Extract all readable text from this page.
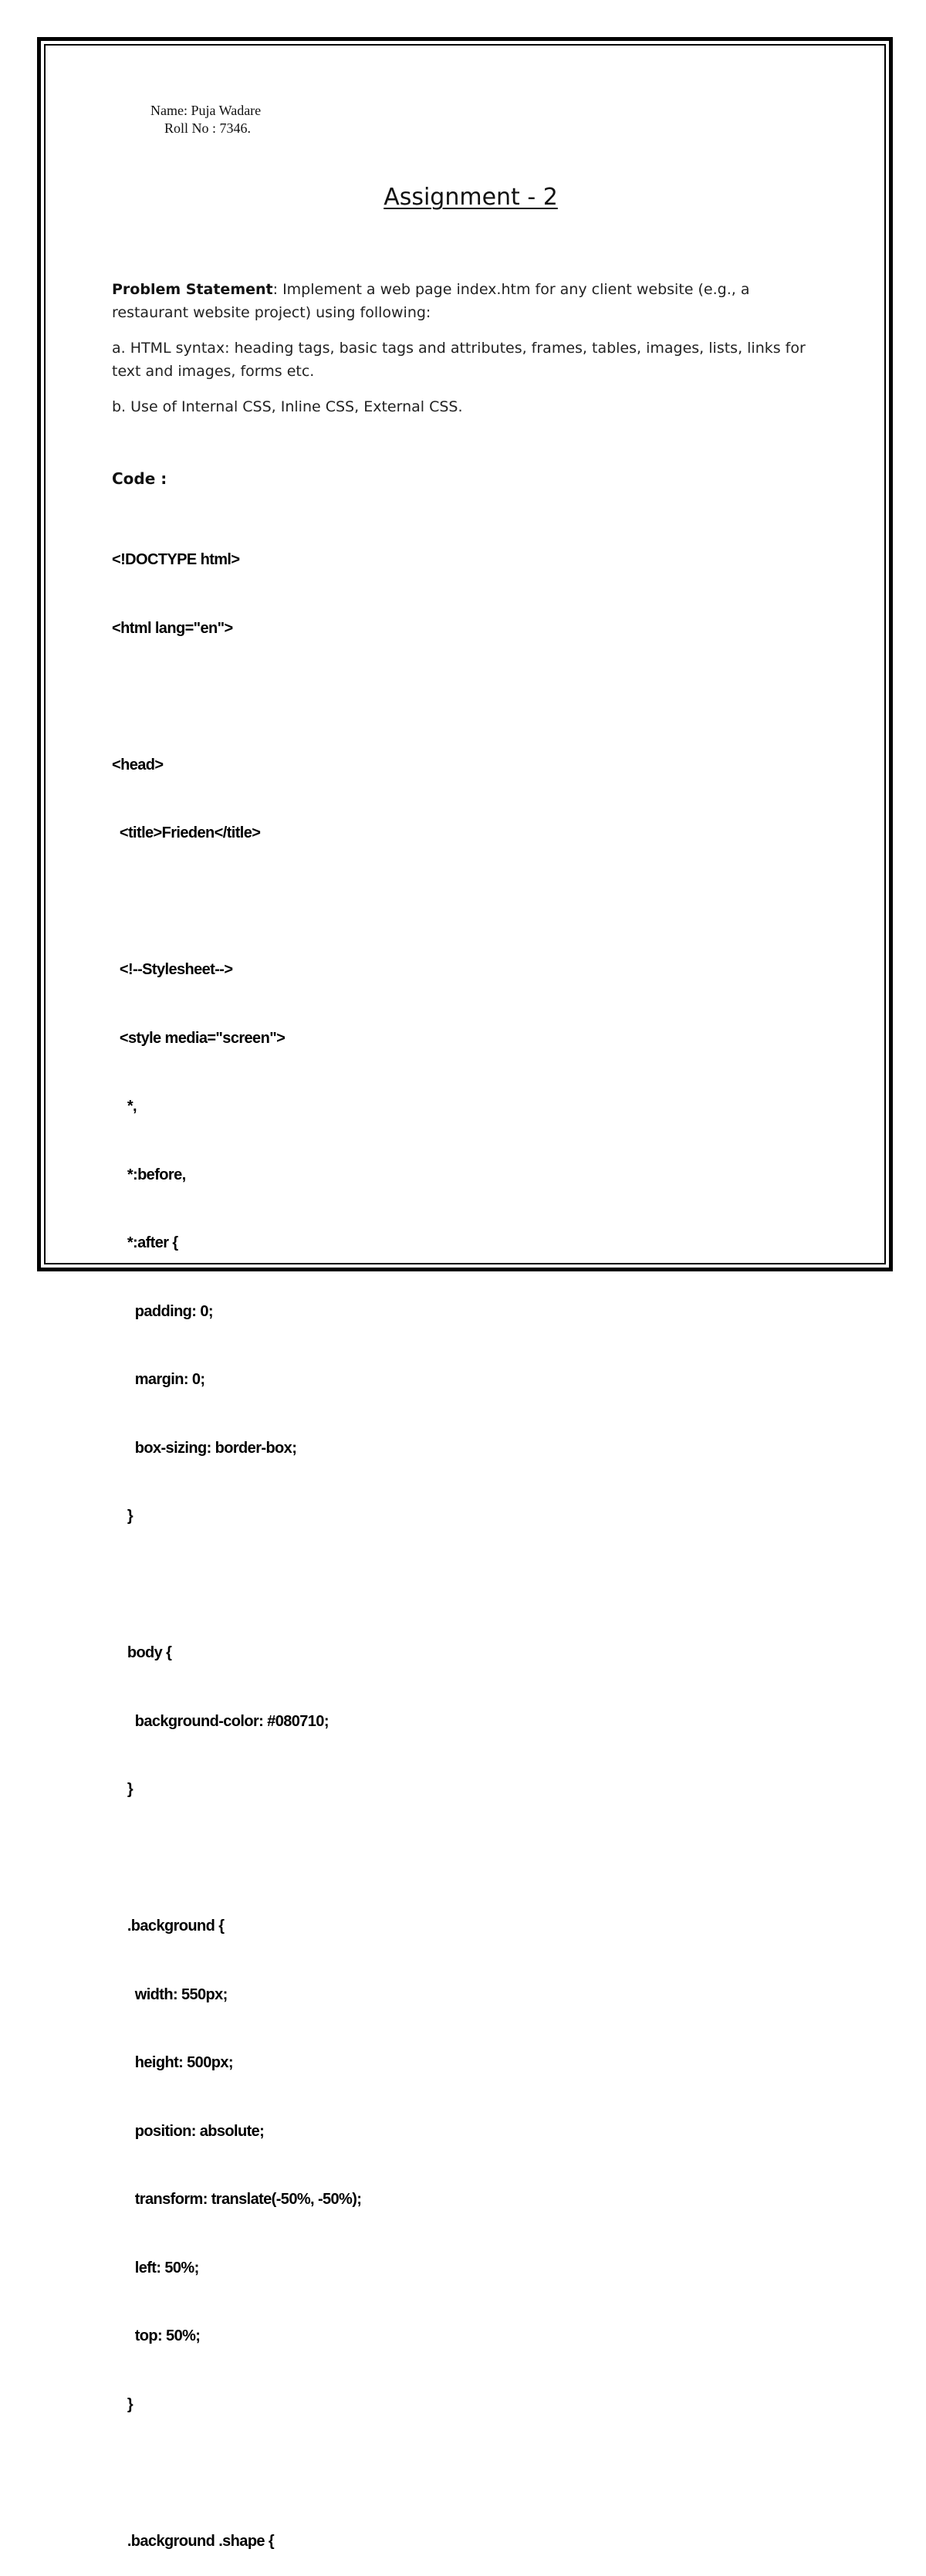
Name: Puja Wadare
Roll No : 7346.
Assignment - 2

Problem Statement: Implement a web page index.htm for any client website (e.g., a restaurant website project) using following:

a. HTML syntax: heading tags, basic tags and attributes, frames, tables, images, lists, links for text and images, forms etc.

b. Use of Internal CSS, Inline CSS, External CSS.

Code :

<!DOCTYPE html>

<html lang="en">

<head>

<title>Frieden</title>

<!--Stylesheet-->

<style media="screen">

*,

*:before,

*:after {

padding: 0;

margin: 0;

box-sizing: border-box;

}

body {

background-color: #080710;

}

.background {

width: 550px;

height: 500px;

position: absolute;

transform: translate(-50%, -50%);

left: 50%;

top: 50%;

}

.background .shape {
